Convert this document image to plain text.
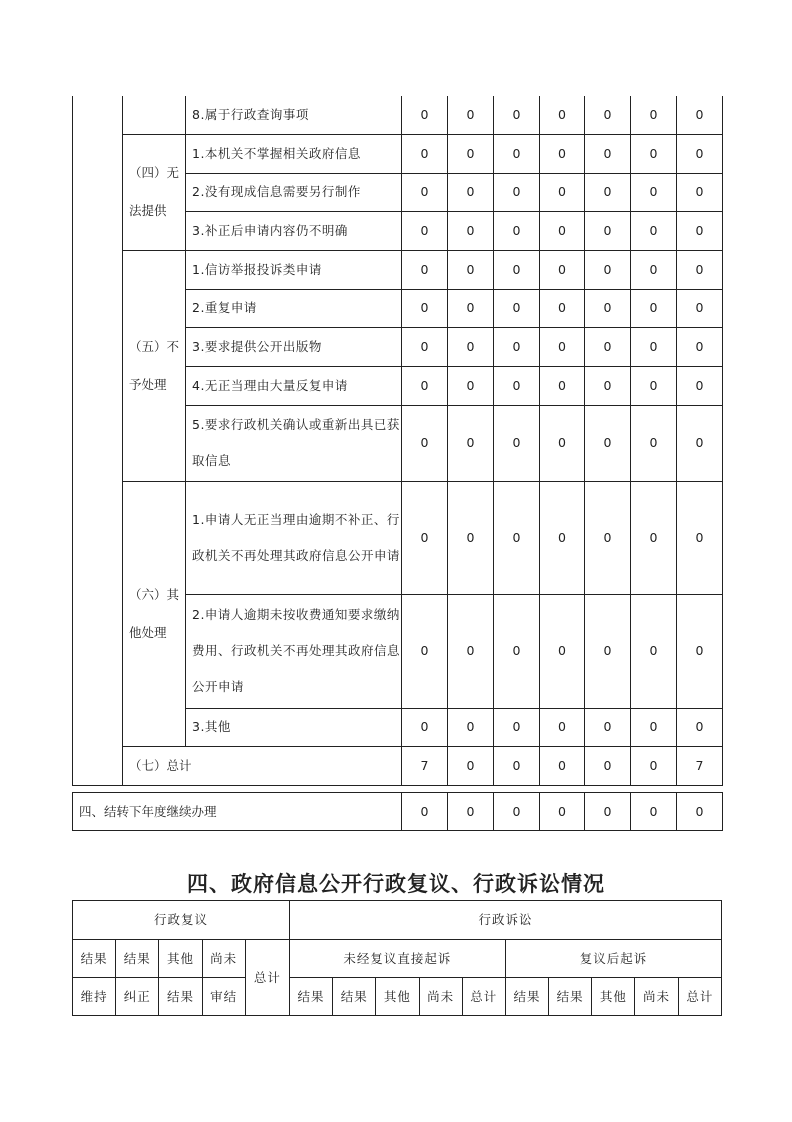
		8.属于行政查询事项	0	0	0	0	0	0	0
	（四）无法提供	1.本机关不掌握相关政府信息	0	0	0	0	0	0	0
		2.没有现成信息需要另行制作	0	0	0	0	0	0	0
		3.补正后申请内容仍不明确	0	0	0	0	0	0	0
	（五）不予处理	1.信访举报投诉类申请	0	0	0	0	0	0	0
		2.重复申请	0	0	0	0	0	0	0
		3.要求提供公开出版物	0	0	0	0	0	0	0
		4.无正当理由大量反复申请	0	0	0	0	0	0	0
		5.要求行政机关确认或重新出具已获取信息	0	0	0	0	0	0	0
	（六）其他处理	1.申请人无正当理由逾期不补正、行政机关不再处理其政府信息公开申请	0	0	0	0	0	0	0
		2.申请人逾期未按收费通知要求缴纳费用、行政机关不再处理其政府信息公开申请	0	0	0	0	0	0	0
		3.其他	0	0	0	0	0	0	0
	（七）总计		7	0	0	0	0	0	7
四、结转下年度继续办理	0	0	0	0	0	0	0
四、政府信息公开行政复议、行政诉讼情况
行政复议					行政诉讼									
结果	结果	其他	尚未	总计	未经复议直接起诉					复议后起诉				
维持	纠正	结果	审结		结果	结果	其他	尚未	总计	结果	结果	其他	尚未	总计
